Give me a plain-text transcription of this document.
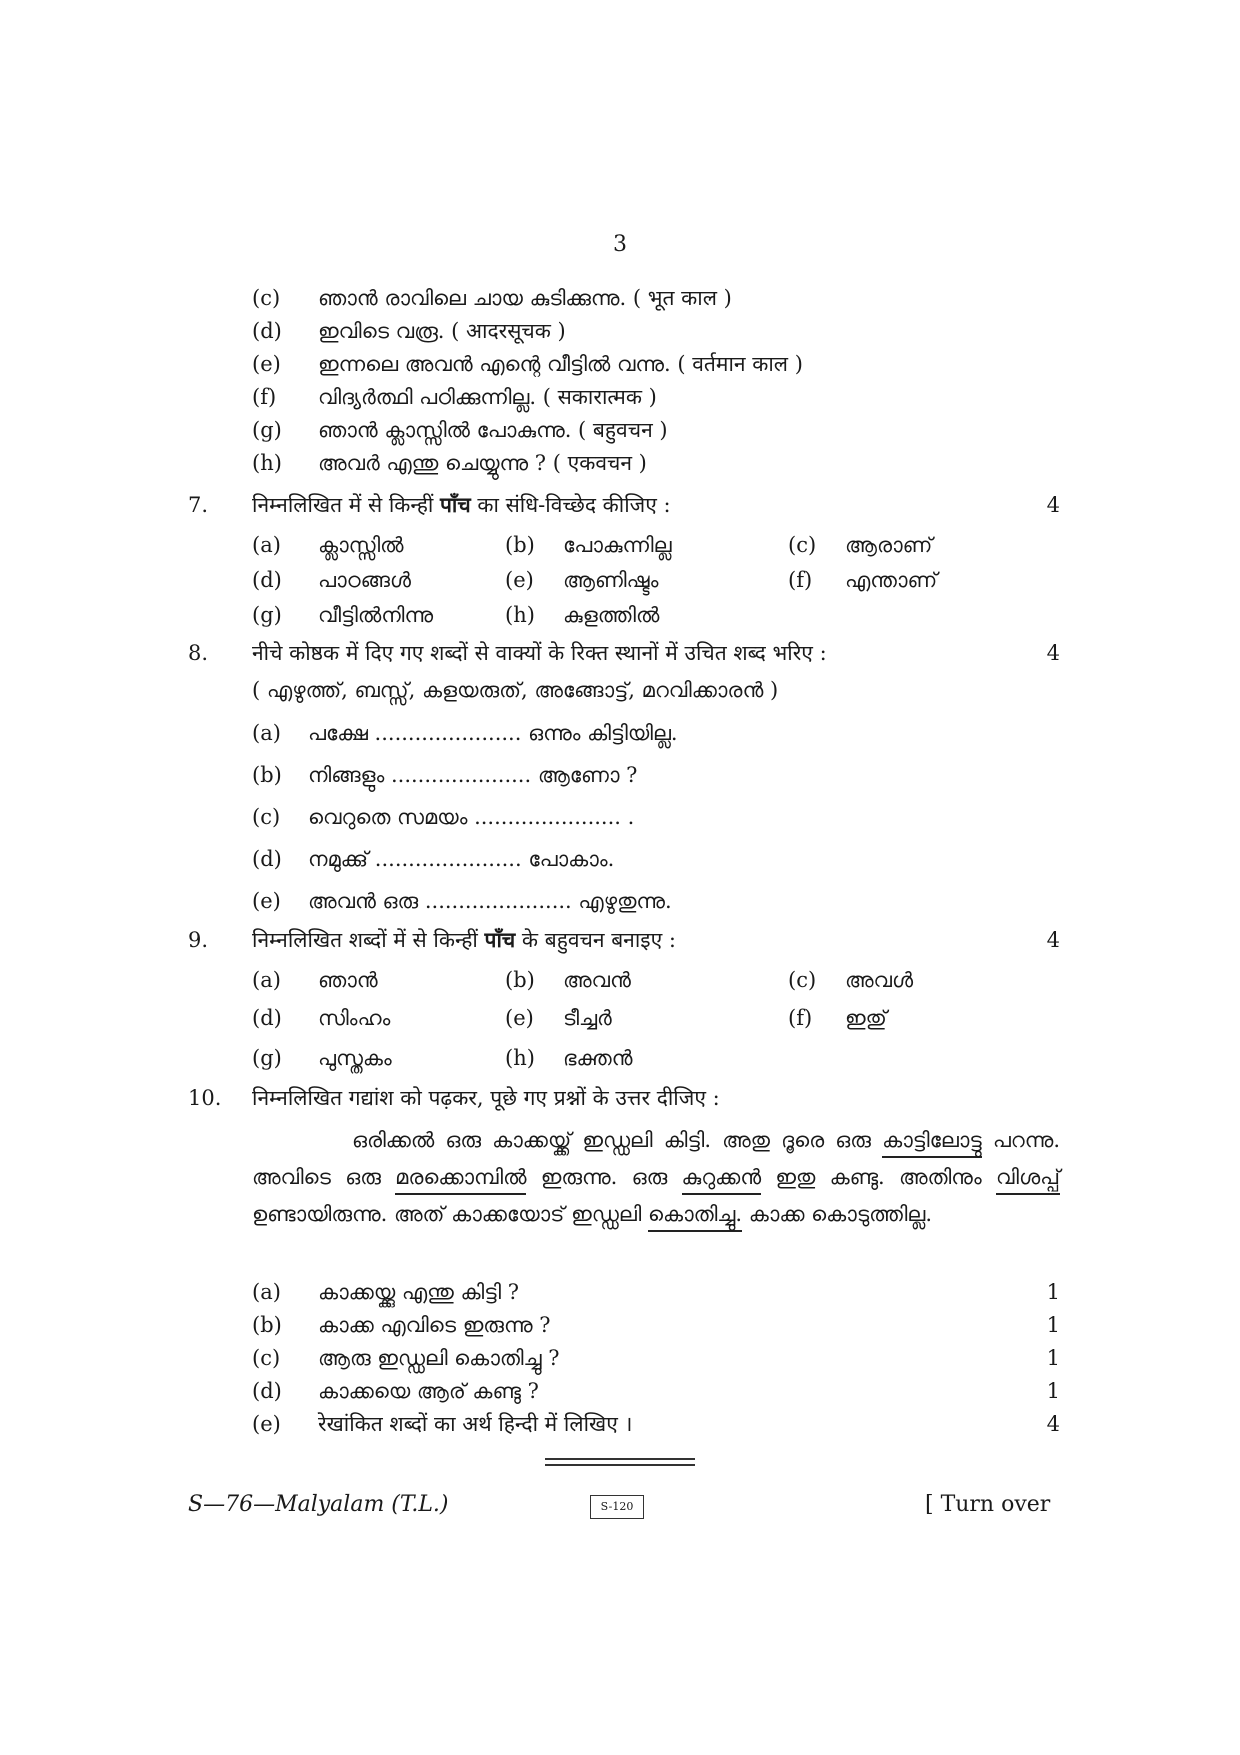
3
(c) ഞാൻ രാവിലെ ചായ കുടിക്കുന്നു. ( भूत काल )
(d) ഇവിടെ വരൂ. ( आदरसूचक )
(e) ഇന്നലെ അവൻ എന്റെ വീട്ടിൽ വന്നു. ( वर्तमान काल )
(f) വിദ്യർത്ഥി പഠിക്കുന്നില്ല. ( सकारात्मक )
(g) ഞാൻ ക്ലാസ്സിൽ പോകുന്നു. ( बहुवचन )
(h) അവർ എന്തു ചെയ്യുന്നു ? ( एकवचन )
7. निम्नलिखित में से किन्हीं पाँच का संधि-विच्छेद कीजिए :	4
(a) ക്ലാസ്സിൽ	(b) പോകുന്നില്ല	(c) ആരാണ്
(d) പാഠങ്ങൾ	(e) ആണിഷ്ടം	(f) എന്താണ്
(g) വീട്ടിൽനിന്നു	(h) കുളത്തിൽ
8. नीचे कोष्ठक में दिए गए शब्दों से वाक्यों के रिक्त स्थानों में उचित शब्द भरिए :	4
( എഴുത്ത്, ബസ്സ്, കളയരുത്, അങ്ങോട്ട്, മറവിക്കാരൻ )
(a) പക്ഷേ ...................... ഒന്നും കിട്ടിയില്ല.
(b) നിങ്ങളും ..................... ആണോ ?
(c) വെറുതെ സമയം ...................... .
(d) നമുക്കു് ...................... പോകാം.
(e) അവൻ ഒരു ...................... എഴുതുന്നു.
9. निम्नलिखित शब्दों में से किन्हीं पाँच के बहुवचन बनाइए :	4
(a) ഞാൻ	(b) അവൻ	(c) അവൾ
(d) സിംഹം	(e) ടീച്ചർ	(f) ഇതു്
(g) പുസ്തകം	(h) ഭക്തൻ
10. निम्नलिखित गद्यांश को पढ़कर, पूछे गए प्रश्नों के उत्तर दीजिए :
ഒരിക്കൽ ഒരു കാക്കയ്ക്ക് ഇഡ്ഡലി കിട്ടി. അതു ദൂരെ ഒരു കാട്ടിലോട്ടു പറന്നു. അവിടെ ഒരു മരക്കൊമ്പിൽ ഇരുന്നു. ഒരു കുറുക്കൻ ഇതു കണ്ടു. അതിനും വിശപ്പ് ഉണ്ടായിരുന്നു. അത് കാക്കയോട് ഇഡ്ഡലി കൊതിച്ചു. കാക്ക കൊടുത്തില്ല.
(a) കാക്കയ്ക്കു എന്തു കിട്ടി ?	1
(b) കാക്ക എവിടെ ഇരുന്നു ?	1
(c) ആരു ഇഡ്ഡലി കൊതിച്ചു ?	1
(d) കാക്കയെ ആര് കണ്ടു ?	1
(e) रेखांकित शब्दों का अर्थ हिन्दी में लिखिए ।	4
S—76—Malyalam (T.L.)	S-120	[ Turn over
